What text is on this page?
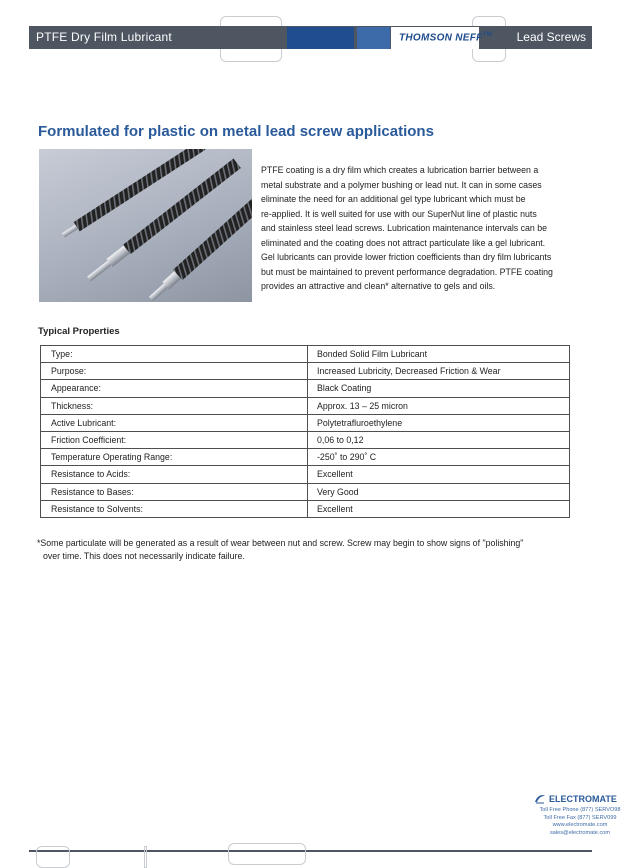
PTFE Dry Film Lubricant	Lead Screws
THOMSON NEFF™
Formulated for plastic on metal lead screw applications
PTFE coating is a dry film which creates a lubrication barrier between a
metal substrate and a polymer bushing or lead nut. It can in some cases
eliminate the need for an additional gel type lubricant which must be
re-applied. It is well suited for use with our SuperNut line of plastic nuts
and stainless steel lead screws. Lubrication maintenance intervals can be
eliminated and the coating does not attract particulate like a gel lubricant.
Gel lubricants can provide lower friction coefficients than dry film lubricants
but must be maintained to prevent performance degradation. PTFE coating
provides an attractive and clean* alternative to gels and oils.
Typical Properties
Type:	Bonded Solid Film Lubricant
Purpose:	Increased Lubricity, Decreased Friction & Wear
Appearance:	Black Coating
Thickness:	Approx. 13 – 25 micron
Active Lubricant:	Polytetrafluroethylene
Friction Coefficient:	0,06 to 0,12
Temperature Operating Range:	-250˚ to 290˚ C
Resistance to Acids:	Excellent
Resistance to Bases:	Very Good
Resistance to Solvents:	Excellent
*Some particulate will be generated as a result of wear between nut and screw. Screw may begin to show signs of "polishing"
over time. This does not necessarily indicate failure.
ELECTROMATE
Toll Free Phone (877) SERVO98
Toll Free Fax (877) SERV099
www.electromate.com
sales@electromate.com
